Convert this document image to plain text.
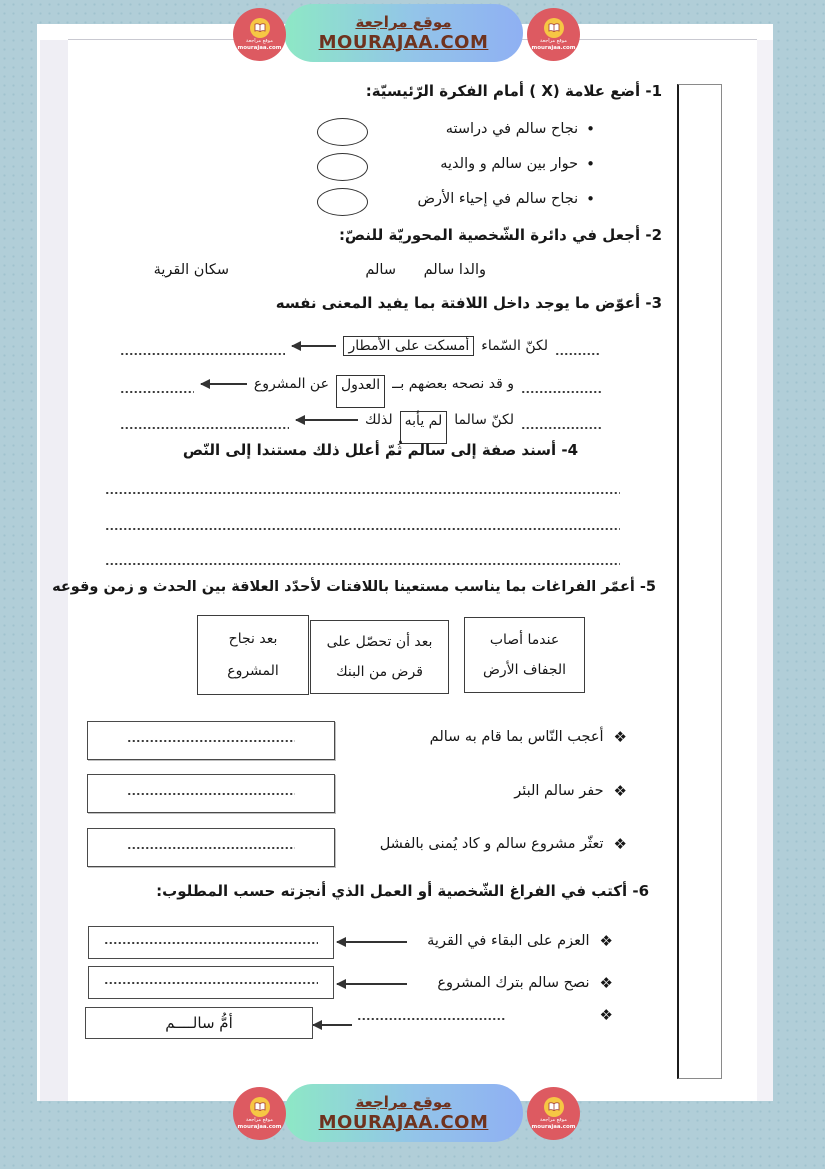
موقع مراجعة
mourajaa.com
موقع مراجعة
MOURAJAA.COM	موقع مراجعة
mourajaa.com
1- أضع علامة (X ) أمام الفكرة الرّئيسيّة:
•
نجاح سالم في دراسته
•
حوار بين سالم و والديه
•
نجاح سالم في إحياء الأرض
2- أجعل في دائرة الشّخصية المحوريّة للنصّ:
والدا سالم
سالم
سكان القرية
3- أعوّض ما يوجد داخل اللافتة بما يفيد المعنى نفسه
لكنّ السّماء
أمسكت على الأمطار
و قد نصحه بعضهم بــ
العدول
عن المشروع
لكنّ سالما
لم يأبه
لذلك
4- أسند صفة إلى سالم ثُمّ أعلل ذلك مستندا إلى النّص
5- أعمّر الفراغات بما يناسب مستعينا باللافتات لأحدّد العلاقة بين الحدث و زمن وقوعه
عندما أصاب
الجفاف الأرض
بعد أن تحصّل على
قرض من البنك
بعد نجاح
المشروع
❖
أعجب النّاس بما قام به سالم
❖
حفر سالم البئر
❖
تعثّر مشروع سالم و كاد يُمنى بالفشل
6- أكتب في الفراغ الشّخصية أو العمل الذي أنجزته حسب المطلوب:
❖
العزم على البقاء في القرية
❖
نصح سالم بترك المشروع
❖
أمُّ سالــــم
موقع مراجعة
mourajaa.com
موقع مراجعة
MOURAJAA.COM	موقع مراجعة
mourajaa.com
